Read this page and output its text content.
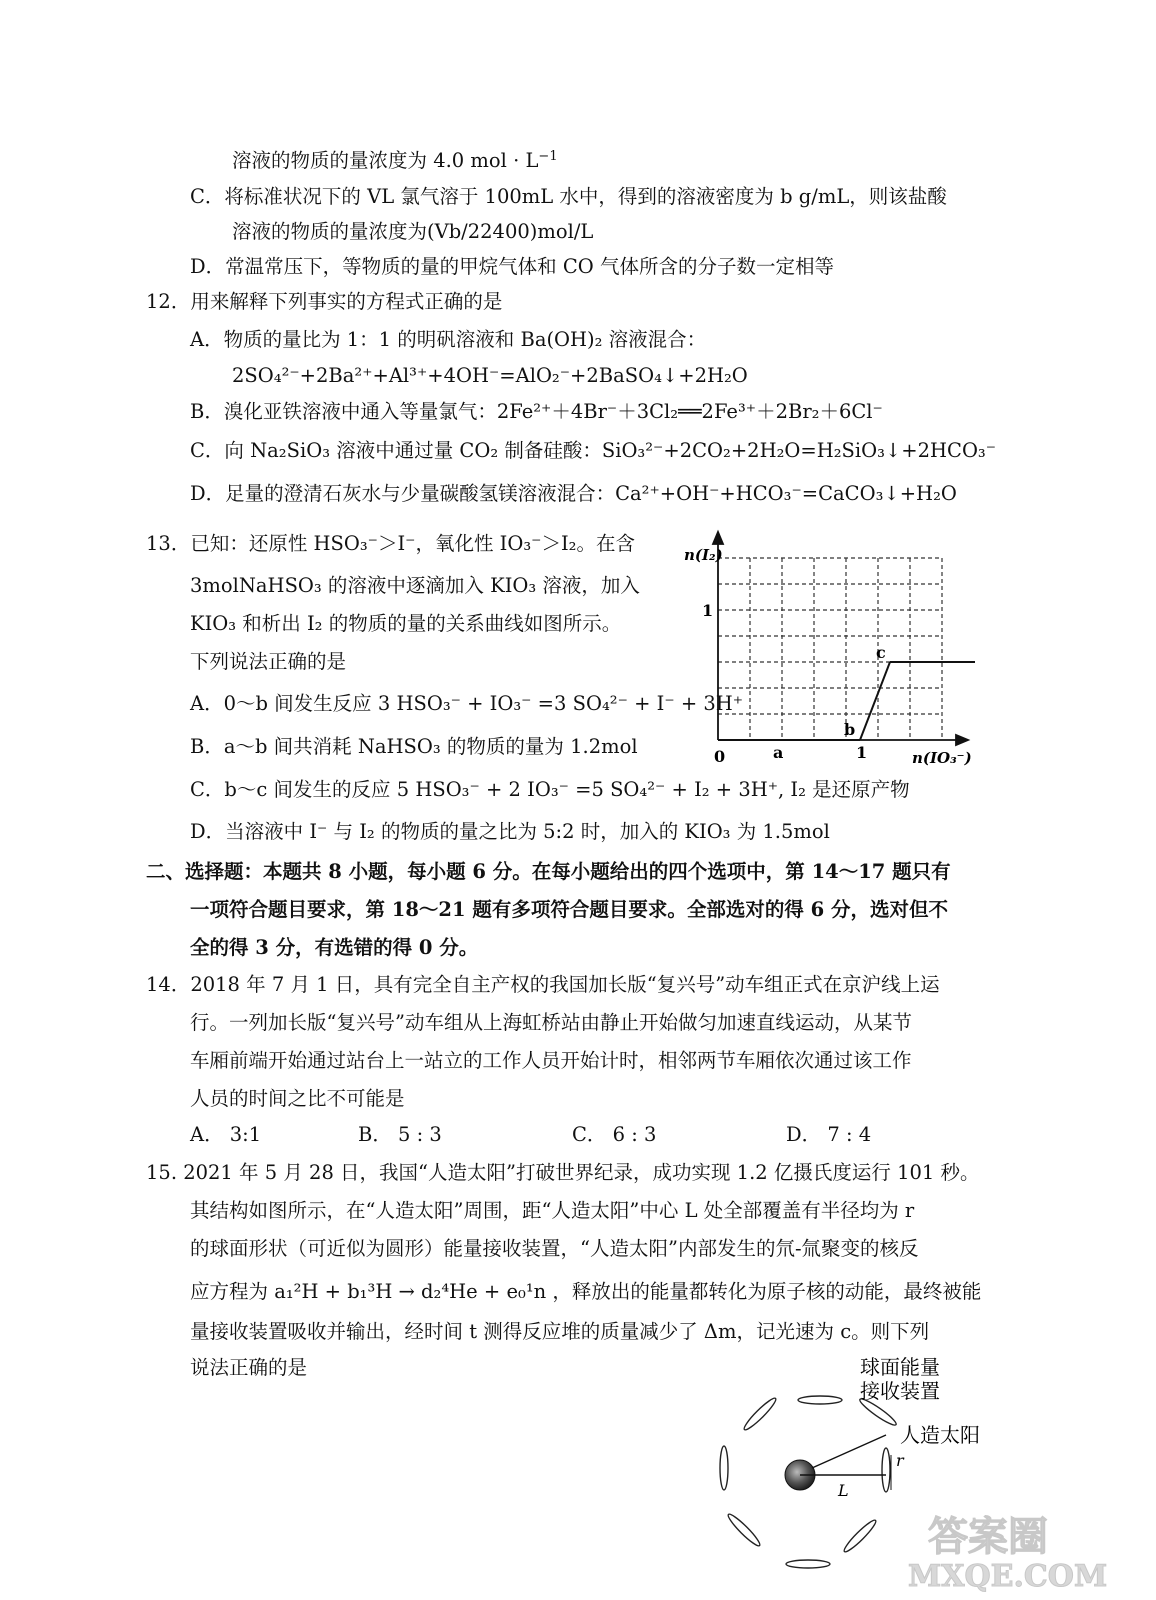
溶液的物质的量浓度为 4.0 mol · $L^{-1}$
C．将标准状况下的 VL 氯气溶于 100mL 水中，得到的溶液密度为 b g/mL，则该盐酸
溶液的物质的量浓度为(Vb/22400)mol/L
D．常温常压下，等物质的量的甲烷气体和 CO 气体所含的分子数一定相等
12．用来解释下列事实的方程式正确的是
A．物质的量比为 1：1 的明矾溶液和 Ba(OH)₂ 溶液混合：
2SO₄²⁻+2Ba²⁺+Al³⁺+4OH⁻=AlO₂⁻+2BaSO₄↓+2H₂O
B．溴化亚铁溶液中通入等量氯气：2Fe²⁺＋4Br⁻＋3Cl₂══2Fe³⁺＋2Br₂＋6Cl⁻
C．向 Na₂SiO₃ 溶液中通过量 CO₂ 制备硅酸：SiO₃²⁻+2CO₂+2H₂O=H₂SiO₃↓+2HCO₃⁻
D．足量的澄清石灰水与少量碳酸氢镁溶液混合：Ca²⁺+OH⁻+HCO₃⁻=CaCO₃↓+H₂O
13．已知：还原性 HSO₃⁻＞I⁻，氧化性 IO₃⁻＞I₂。在含
3molNaHSO₃ 的溶液中逐滴加入 KIO₃ 溶液，加入
KIO₃ 和析出 I₂ 的物质的量的关系曲线如图所示。
下列说法正确的是
A．0～b 间发生反应 3 HSO₃⁻ + IO₃⁻ =3 SO₄²⁻ + I⁻ + 3H⁺
B．a～b 间共消耗 NaHSO₃ 的物质的量为 1.2mol
C．b～c 间发生的反应 5 HSO₃⁻ + 2 IO₃⁻ =5 SO₄²⁻ + I₂ + 3H⁺, I₂ 是还原产物
D．当溶液中 I⁻ 与 I₂ 的物质的量之比为 5:2 时，加入的 KIO₃ 为 1.5mol
n(I₂)
1
0	a
b
c
1	n(IO₃⁻)
二、选择题：本题共 8 小题，每小题 6 分。在每小题给出的四个选项中，第 14～17 题只有
一项符合题目要求，第 18～21 题有多项符合题目要求。全部选对的得 6 分，选对但不
全的得 3 分，有选错的得 0 分。
14．2018 年 7 月 1 日，具有完全自主产权的我国加长版“复兴号”动车组正式在京沪线上运
行。一列加长版“复兴号”动车组从上海虹桥站由静止开始做匀加速直线运动，从某节
车厢前端开始通过站台上一站立的工作人员开始计时，相邻两节车厢依次通过该工作
人员的时间之比不可能是
A． 3:1	B． 5 : 3	C． 6 : 3	D． 7 : 4
15. 2021 年 5 月 28 日，我国“人造太阳”打破世界纪录，成功实现 1.2 亿摄氏度运行 101 秒。
其结构如图所示，在“人造太阳”周围，距“人造太阳”中心 L 处全部覆盖有半径均为 r
的球面形状（可近似为圆形）能量接收装置，“人造太阳”内部发生的氘-氚聚变的核反
应方程为 a₁²H + b₁³H → d₂⁴He + e₀¹n ，释放出的能量都转化为原子核的动能，最终被能
量接收装置吸收并输出，经时间 t 测得反应堆的质量减少了 Δm，记光速为 c。则下列
说法正确的是	球面能量
接收装置
人造太阳
r
L
答案圈
MXQE.COM
